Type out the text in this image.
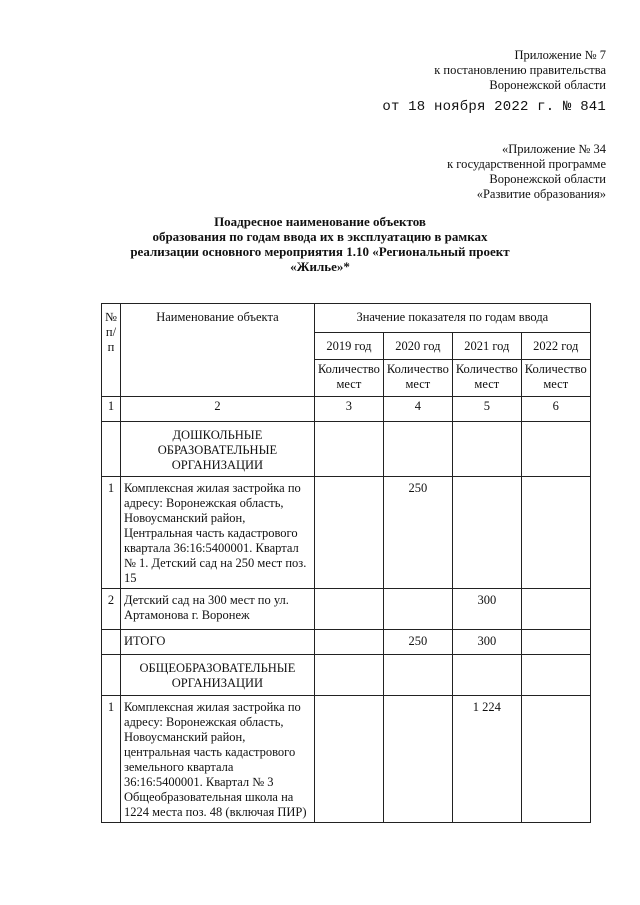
Приложение № 7
к постановлению правительства
Воронежской области
от 18 ноября 2022 г. № 841
«Приложение № 34
к государственной программе
Воронежской области
«Развитие образования»
Поадресное наименование объектов
образования по годам ввода их в эксплуатацию в рамках
реализации основного мероприятия 1.10 «Региональный проект
«Жилье»*
№ п/п	Наименование объекта	Значение показателя по годам ввода			
		2019 год	2020 год	2021 год	2022 год
		Количество мест	Количество мест	Количество мест	Количество мест
1	2	3	4	5	6
	ДОШКОЛЬНЫЕ ОБРАЗОВАТЕЛЬНЫЕ ОРГАНИЗАЦИИ				
1	Комплексная жилая застройка по адресу: Воронежская область, Новоусманский район, Центральная часть кадастрового квартала 36:16:5400001. Квартал № 1. Детский сад на 250 мест поз. 15		250		
2	Детский сад на 300 мест по ул. Артамонова г. Воронеж			300	
	ИТОГО		250	300	
	ОБЩЕОБРАЗОВАТЕЛЬНЫЕ ОРГАНИЗАЦИИ				
1	Комплексная жилая застройка по адресу: Воронежская область, Новоусманский район, центральная часть кадастрового земельного квартала 36:16:5400001. Квартал № 3 Общеобразовательная школа на 1224 места поз. 48 (включая ПИР)			1 224	
